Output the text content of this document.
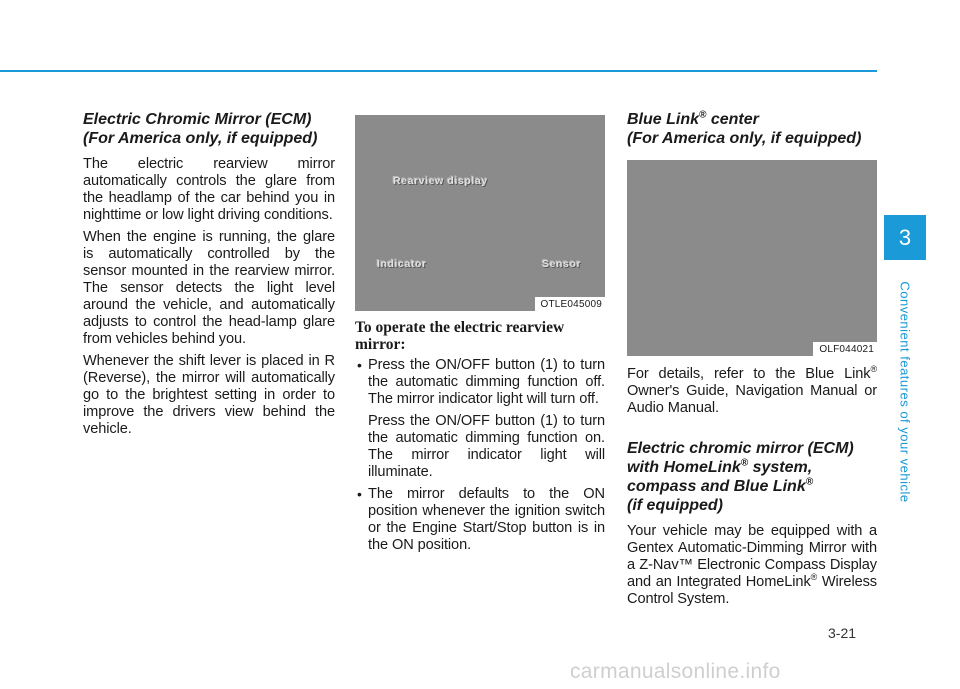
Electric Chromic Mirror (ECM)
(For America only, if equipped)

The electric rearview mirror automatically controls the glare from the headlamp of the car behind you in nighttime or low light driving conditions.

When the engine is running, the glare is automatically controlled by the sensor mounted in the rearview mirror. The sensor detects the light level around the vehicle, and automatically adjusts to control the head-lamp glare from vehicles behind you.

Whenever the shift lever is placed in R (Reverse), the mirror will automatically go to the brightest setting in order to improve the drivers view behind the vehicle.

Rearview display
Indicator	Sensor
OTLE045009
To operate the electric rearview mirror:
• Press the ON/OFF button (1) to turn the automatic dimming function off. The mirror indicator light will turn off.

Press the ON/OFF button (1) to turn the automatic dimming function on. The mirror indicator light will illuminate.

• The mirror defaults to the ON position whenever the ignition switch or the Engine Start/Stop button is in the ON position.

Blue Link® center
(For America only, if equipped)
OLF044021

For details, refer to the Blue Link® Owner's Guide, Navigation Manual or Audio Manual.

Electric chromic mirror (ECM)
with HomeLink® system,
compass and Blue Link®
(if equipped)

Your vehicle may be equipped with a Gentex Automatic-Dimming Mirror with a Z-Nav™ Electronic Compass Display and an Integrated HomeLink® Wireless Control System.

3
Convenient features of your vehicle
3-21
carmanualsonline.info
